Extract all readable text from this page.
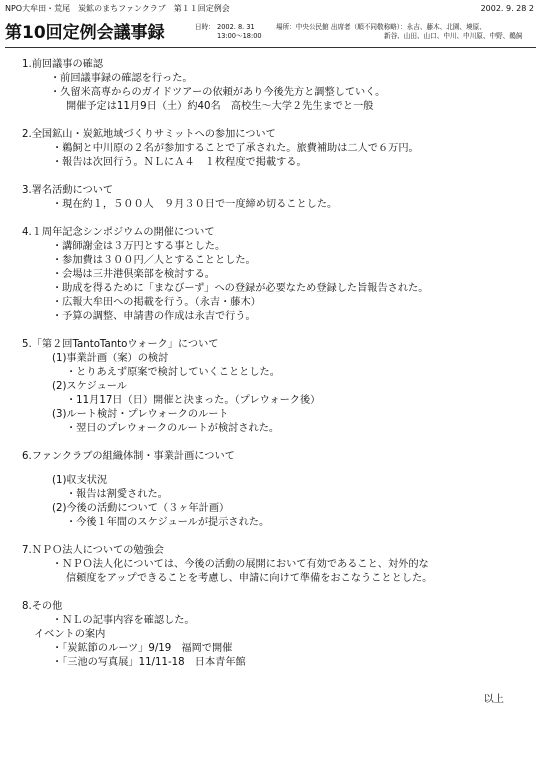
NPO大牟田・荒尾　炭鉱のまちファンクラブ　第１１回定例会	2002. 9. 28 2
第10回定例会議事録	日時： 2002. 8. 31
13:00～18:00
場所：中央公民館 出席者（順不同敬称略）：永吉、藤木、北園、境原、
新谷、山田、山口、中川、中川原、中野、鵜飼
1.前回議事の確認
・前回議事録の確認を行った。
・久留米高専からのガイドツアーの依頼があり今後先方と調整していく。
開催予定は11月9日（土）約40名　高校生～大学２先生までと一般
2.全国鉱山・炭鉱地域づくりサミットへの参加について
・鵜飼と中川原の２名が参加することで了承された。旅費補助は二人で６万円。
・報告は次回行う。ＮＬにＡ４　１枚程度で掲載する。
3.署名活動について
・現在約１，５００人　９月３０日で一度締め切ることした。
4.１周年記念シンポジウムの開催について
・講師謝金は３万円とする事とした。
・参加費は３００円／人とすることとした。
・会場は三井港倶楽部を検討する。
・助成を得るために「まなびーず」への登録が必要なため登録した旨報告された。
・広報大牟田への掲載を行う。（永吉・藤木）
・予算の調整、申請書の作成は永吉で行う。
5.「第２回TantoTantoウォーク」について
(1)事業計画（案）の検討
・とりあえず原案で検討していくこととした。
(2)スケジュール
・11月17日（日）開催と決まった。（プレウォーク後）
(3)ルート検討・プレウォークのルート
・翌日のプレウォークのルートが検討された。
6.ファンクラブの組織体制・事業計画について
(1)収支状況
・報告は割愛された。
(2)今後の活動について（３ヶ年計画）
・今後１年間のスケジュールが提示された。
7.ＮＰＯ法人についての勉強会
・ＮＰＯ法人化については、今後の活動の展開において有効であること、対外的な
信頼度をアップできることを考慮し、申請に向けて準備をおこなうこととした。
8.その他
・ＮＬの記事内容を確認した。
イベントの案内
・「炭鉱節のルーツ」9/19　福岡で開催
・「三池の写真展」11/11-18　日本青年館
以上
